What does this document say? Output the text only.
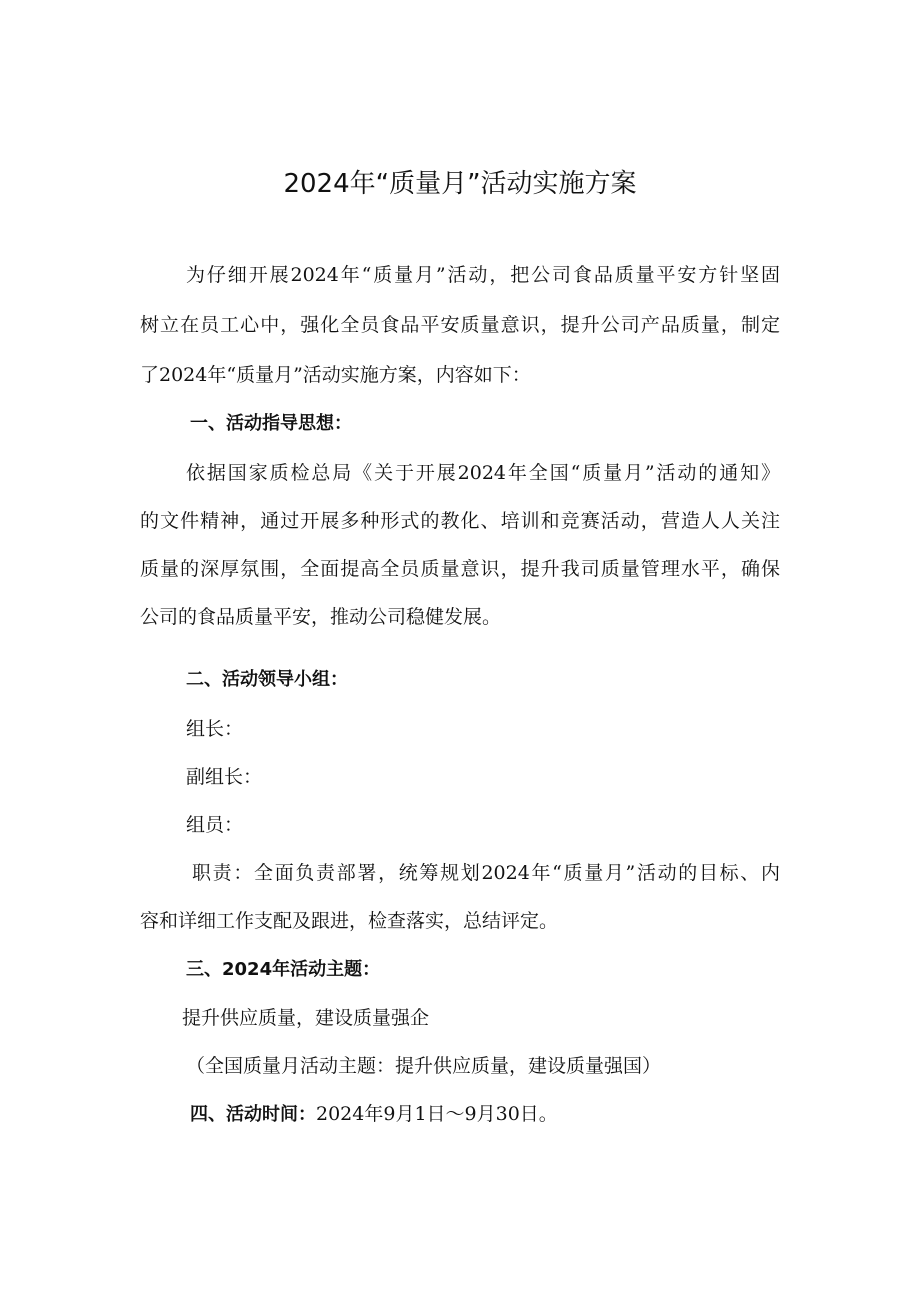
2024年“质量月”活动实施方案

为仔细开展2024年“质量月”活动，把公司食品质量平安方针坚固

树立在员工心中，强化全员食品平安质量意识，提升公司产品质量，制定

了2024年“质量月”活动实施方案，内容如下：

一、活动指导思想：

依据国家质检总局《关于开展2024年全国“质量月”活动的通知》

的文件精神，通过开展多种形式的教化、培训和竞赛活动，营造人人关注

质量的深厚氛围，全面提高全员质量意识，提升我司质量管理水平，确保

公司的食品质量平安，推动公司稳健发展。

二、活动领导小组：

组长：

副组长：

组员：

职责：全面负责部署，统筹规划2024年“质量月”活动的目标、内

容和详细工作支配及跟进，检查落实，总结评定。

三、2024年活动主题：

提升供应质量，建设质量强企

（全国质量月活动主题：提升供应质量，建设质量强国）

四、活动时间：2024年9月1日～9月30日。
